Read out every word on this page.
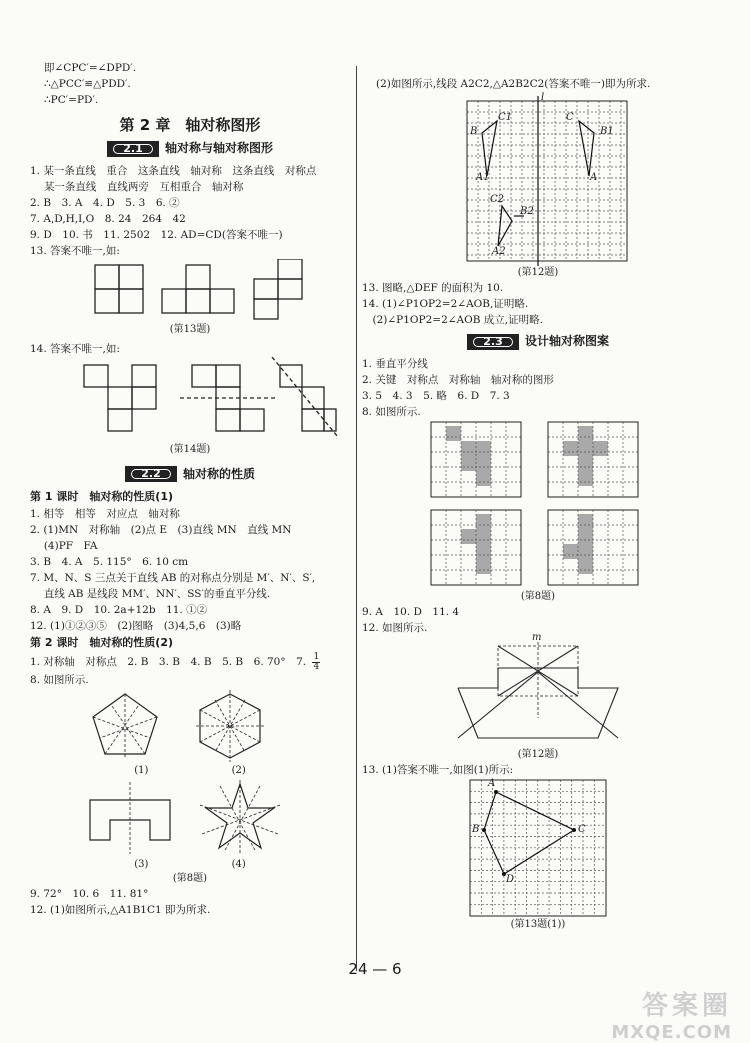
即∠CPC′=∠DPD′.
∴△PCC′≌△PDD′.
∴PC′=PD′.
第 2 章　轴对称图形
2.1 轴对称与轴对称图形
1. 某一条直线　重合　这条直线　轴对称　这条直线　对称点
　 某一条直线　直线两旁　互相重合　轴对称
2. B　3. A　4. D　5. 3　6. ②
7. A,D,H,I,O　8. 24　264　42
9. D　10. 书　11. 2502　12. AD=CD(答案不唯一)
13. 答案不唯一,如:
(第13题)
14. 答案不唯一,如:
(第14题)
2.2 轴对称的性质
第 1 课时　轴对称的性质(1)
1. 相等　相等　对应点　轴对称
2. (1)MN　对称轴　(2)点 E　(3)直线 MN　直线 MN
　 (4)PF　FA
3. B　4. A　5. 115°　6. 10 cm
7. M、N、S 三点关于直线 AB 的对称点分别是 M′、N′、S′,
　 直线 AB 是线段 MM′、NN′、SS′的垂直平分线.
8. A　9. D　10. 2a+12b　11. ①②
12. (1)①②③⑤　(2)图略　(3)4,5,6　(3)略
第 2 课时　轴对称的性质(2)
1. 对称轴　对称点　2. B　3. B　4. B　5. B　6. 70°　7. $\frac{1}{4}$
8. 如图所示.
(1)	(2)
(3)	(4)
(第8题)
9. 72°　10. 6　11. 81°
12. (1)如图所示,△A1B1C1 即为所求.
(2)如图所示,线段 A2C2,△A2B2C2(答案不唯一)即为所求.
l
B
C1
B1
A1	A
C
C2
B2
A2
(第12题)
13. 图略,△DEF 的面积为 10.
14. (1)∠P1OP2=2∠AOB,证明略.
　(2)∠P1OP2=2∠AOB 成立,证明略.
2.3 设计轴对称图案
1. 垂直平分线
2. 关键　对称点　对称轴　轴对称的图形
3. 5　4. 3　5. 略　6. D　7. 3
8. 如图所示.
(第8题)
9. A　10. D　11. 4
12. 如图所示.
m
(第12题)
13. (1)答案不唯一,如图(1)所示:
A
B	C
D
(第13题(1))
24 — 6
答案圈
MXQE.COM
